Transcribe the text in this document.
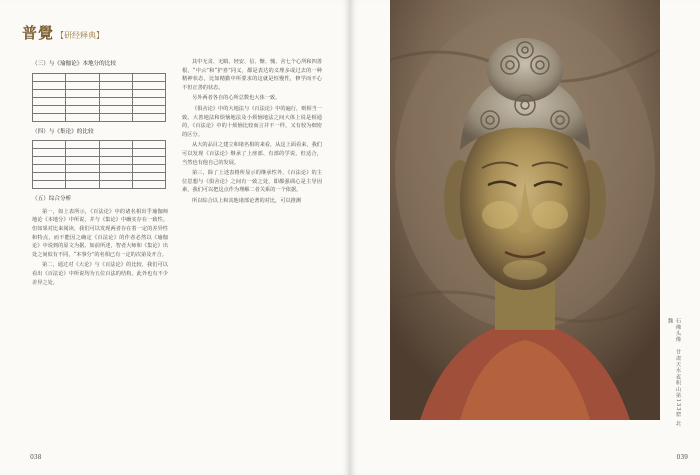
普覺 【研经释典】
（三）与《瑜伽论》本地分的比较

（四）与《集论》的比较

（五）综合分析

第一，如上表所示，《百法论》中的诸名相出乎瑜伽师地论《本地分》中所说，并与《集论》中确实存在一致性。但如果对比来阅读，我们可以发现两者存在着一定的差异性和特点，而不能因之确定《百法论》的作者必然以《瑜伽论》中说到的原文为据。如前所述，智者大师和《集论》出处之间似有不同，“本事分”的名相已有一定的次第及开合。

第二，通过对《大论》与《百法论》的比较，我们可以看出《百法论》中所说均为五位百法的结构，此外也有不少差异之处。

其中无贪、无瞋、轻安、信、惭、愧、舍七个心所和四善根，“中云”和“护喜”同义，都是表达的义理多或过去的一种精神状态，比如精勤中所要求的这就是恒慢性，修学而不心不但正善的状态。

另外两者各自的心所总数也大体一致。

《俱舍论》中的大地法与《百法论》中的遍行，则相当一致。大善地法和烦恼地法及小烦恼地法之间大体上说是相通的，《百法论》中的十烦恼比较而言并不一样，又有较为细密的区分。

从大的品目之建立和诸名相的来看，从这上面看来，我们可以发现《百法论》继承了上座部、有部的学说，但适合，当然也有他自己的发展。

第三，除了上述表格所显示的继承性外，《百法论》的主位思想与《俱舍论》之间有一致之处，即都强调心是主导因素，我们可以把这点作为理解二者关系的一个依据。

所以综合以上和其他诸部论著的对比，可以推测

038
石佛头像　甘肃天水麦积山第133窟 北魏
039
